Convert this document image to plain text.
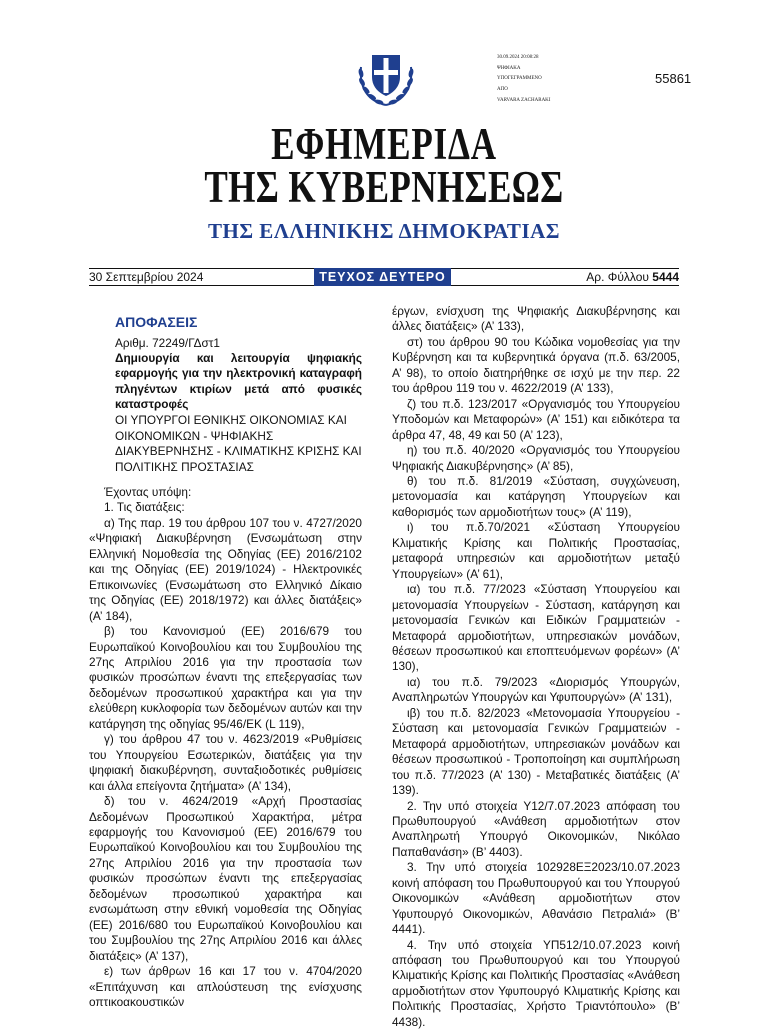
30.09.2024 20:08:28
ΨΗΦΙΑΚΑ
ΥΠΟΓΕΓΡΑΜΜΕΝΟ
ΑΠΟ
VARVARA ZACHARAKI
55861
ΕΦΗΜΕΡΙΔΑ
ΤΗΣ ΚΥΒΕΡΝΗΣΕΩΣ
ΤΗΣ ΕΛΛΗΝΙΚΗΣ ΔΗΜΟΚΡΑΤΙΑΣ
30 Σεπτεμβρίου 2024	ΤΕΥΧΟΣ ΔΕΥΤΕΡΟ	Αρ. Φύλλου 5444
ΑΠΟΦΑΣΕΙΣ
Αριθμ. 72249/ΓΔστ1
Δημιουργία και λειτουργία ψηφιακής εφαρμογής για την ηλεκτρονική καταγραφή πληγέντων κτιρίων μετά από φυσικές καταστροφές
ΟΙ ΥΠΟΥΡΓΟΙ ΕΘΝΙΚΗΣ ΟΙΚΟΝΟΜΙΑΣ ΚΑΙ ΟΙΚΟΝΟΜΙΚΩΝ - ΨΗΦΙΑΚΗΣ ΔΙΑΚΥΒΕΡΝΗΣΗΣ - ΚΛΙΜΑΤΙΚΗΣ ΚΡΙΣΗΣ ΚΑΙ ΠΟΛΙΤΙΚΗΣ ΠΡΟΣΤΑΣΙΑΣ

Έχοντας υπόψη:

1. Τις διατάξεις:

α) Της παρ. 19 του άρθρου 107 του ν. 4727/2020 «Ψηφιακή Διακυβέρνηση (Ενσωμάτωση στην Ελληνική Νομοθεσία της Οδηγίας (ΕΕ) 2016/2102 και της Οδηγίας (ΕΕ) 2019/1024) - Ηλεκτρονικές Επικοινωνίες (Ενσωμάτωση στο Ελληνικό Δίκαιο της Οδηγίας (ΕΕ) 2018/1972) και άλλες διατάξεις» (Α’ 184),

β) του Κανονισμού (ΕΕ) 2016/679 του Ευρωπαϊκού Κοινοβουλίου και του Συμβουλίου της 27ης Απριλίου 2016 για την προστασία των φυσικών προσώπων έναντι της επεξεργασίας των δεδομένων προσωπικού χαρακτήρα και για την ελεύθερη κυκλοφορία των δεδομένων αυτών και την κατάργηση της οδηγίας 95/46/ΕΚ (L 119),

γ) του άρθρου 47 του ν. 4623/2019 «Ρυθμίσεις του Υπουργείου Εσωτερικών, διατάξεις για την ψηφιακή διακυβέρνηση, συνταξιοδοτικές ρυθμίσεις και άλλα επείγοντα ζητήματα» (Α’ 134),

δ) του ν. 4624/2019 «Αρχή Προστασίας Δεδομένων Προσωπικού Χαρακτήρα, μέτρα εφαρμογής του Κανονισμού (ΕΕ) 2016/679 του Ευρωπαϊκού Κοινοβουλίου και του Συμβουλίου της 27ης Απριλίου 2016 για την προστασία των φυσικών προσώπων έναντι της επεξεργασίας δεδομένων προσωπικού χαρακτήρα και ενσωμάτωση στην εθνική νομοθεσία της Οδηγίας (ΕΕ) 2016/680 του Ευρωπαϊκού Κοινοβουλίου και του Συμβουλίου της 27ης Απριλίου 2016 και άλλες διατάξεις» (Α’ 137),

ε) των άρθρων 16 και 17 του ν. 4704/2020 «Επιτάχυνση και απλούστευση της ενίσχυσης οπτικοακουστικών

έργων, ενίσχυση της Ψηφιακής Διακυβέρνησης και άλλες διατάξεις» (Α’ 133),

στ) του άρθρου 90 του Κώδικα νομοθεσίας για την Κυβέρνηση και τα κυβερνητικά όργανα (π.δ. 63/2005, Α’ 98), το οποίο διατηρήθηκε σε ισχύ με την περ. 22 του άρθρου 119 του ν. 4622/2019 (Α’ 133),

ζ) του π.δ. 123/2017 «Οργανισμός του Υπουργείου Υποδομών και Μεταφορών» (Α’ 151) και ειδικότερα τα άρθρα 47, 48, 49 και 50 (Α’ 123),

η) του π.δ. 40/2020 «Οργανισμός του Υπουργείου Ψηφιακής Διακυβέρνησης» (Α’ 85),

θ) του π.δ. 81/2019 «Σύσταση, συγχώνευση, μετονομασία και κατάργηση Υπουργείων και καθορισμός των αρμοδιοτήτων τους» (Α’ 119),

ι) του π.δ.70/2021 «Σύσταση Υπουργείου Κλιματικής Κρίσης και Πολιτικής Προστασίας, μεταφορά υπηρεσιών και αρμοδιοτήτων μεταξύ Υπουργείων» (Α’ 61),

ια) του π.δ. 77/2023 «Σύσταση Υπουργείου και μετονομασία Υπουργείων - Σύσταση, κατάργηση και μετονομασία Γενικών και Ειδικών Γραμματειών - Μεταφορά αρμοδιοτήτων, υπηρεσιακών μονάδων, θέσεων προσωπικού και εποπτευόμενων φορέων» (Α’ 130),

ια) του π.δ. 79/2023 «Διορισμός Υπουργών, Αναπληρωτών Υπουργών και Υφυπουργών» (Α’ 131),

ιβ) του π.δ. 82/2023 «Μετονομασία Υπουργείου - Σύσταση και μετονομασία Γενικών Γραμματειών - Μεταφορά αρμοδιοτήτων, υπηρεσιακών μονάδων και θέσεων προσωπικού - Τροποποίηση και συμπλήρωση του π.δ. 77/2023 (Α’ 130) - Μεταβατικές διατάξεις (Α’ 139).

2. Την υπό στοιχεία Υ12/7.07.2023 απόφαση του Πρωθυπουργού «Ανάθεση αρμοδιοτήτων στον Αναπληρωτή Υπουργό Οικονομικών, Νικόλαο Παπαθανάση» (Β’ 4403).

3. Την υπό στοιχεία 102928ΕΞ2023/10.07.2023 κοινή απόφαση του Πρωθυπουργού και του Υπουργού Οικονομικών «Ανάθεση αρμοδιοτήτων στον Υφυπουργό Οικονομικών, Αθανάσιο Πετραλιά» (Β’ 4441).

4. Την υπό στοιχεία ΥΠ512/10.07.2023 κοινή απόφαση του Πρωθυπουργού και του Υπουργού Κλιματικής Κρίσης και Πολιτικής Προστασίας «Ανάθεση αρμοδιοτήτων στον Υφυπουργό Κλιματικής Κρίσης και Πολιτικής Προστασίας, Χρήστο Τριαντόπουλο» (Β’ 4438).
